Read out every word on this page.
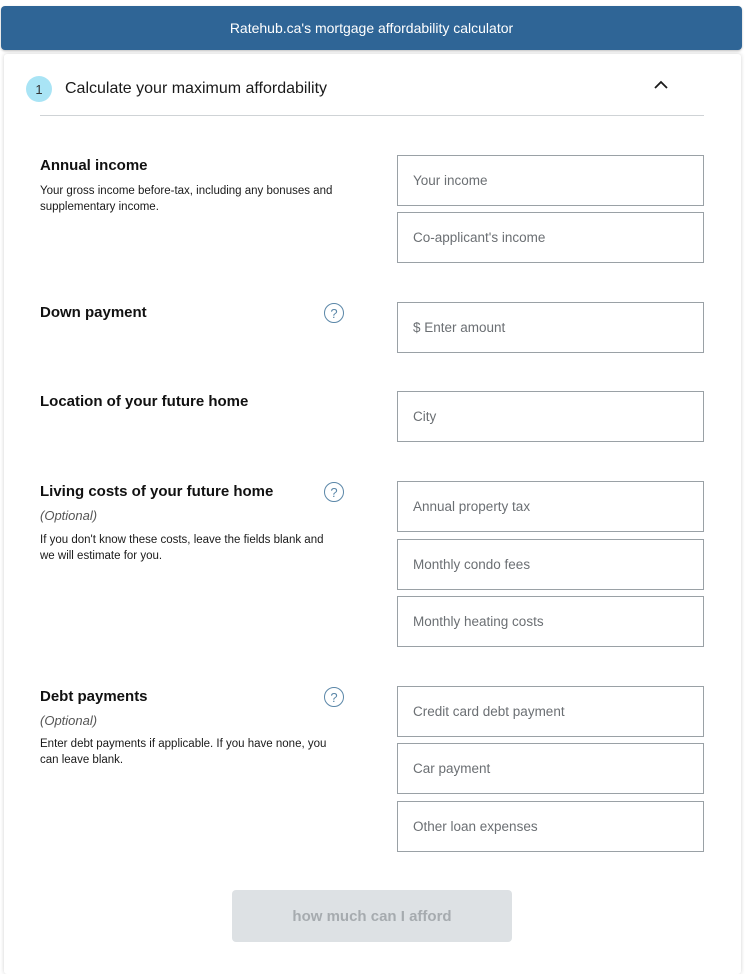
Ratehub.ca's mortgage affordability calculator
1	Calculate your maximum affordability
Annual income
Your gross income before-tax, including any bonuses and supplementary income.
Your income
Co-applicant's income
Down payment	?
$ Enter amount
Location of your future home
City
Living costs of your future home
(Optional)
?
If you don't know these costs, leave the fields blank and we will estimate for you.
Annual property tax
Monthly condo fees
Monthly heating costs
Debt payments
(Optional)
?
Enter debt payments if applicable. If you have none, you can leave blank.
Credit card debt payment
Car payment
Other loan expenses
how much can I afford
